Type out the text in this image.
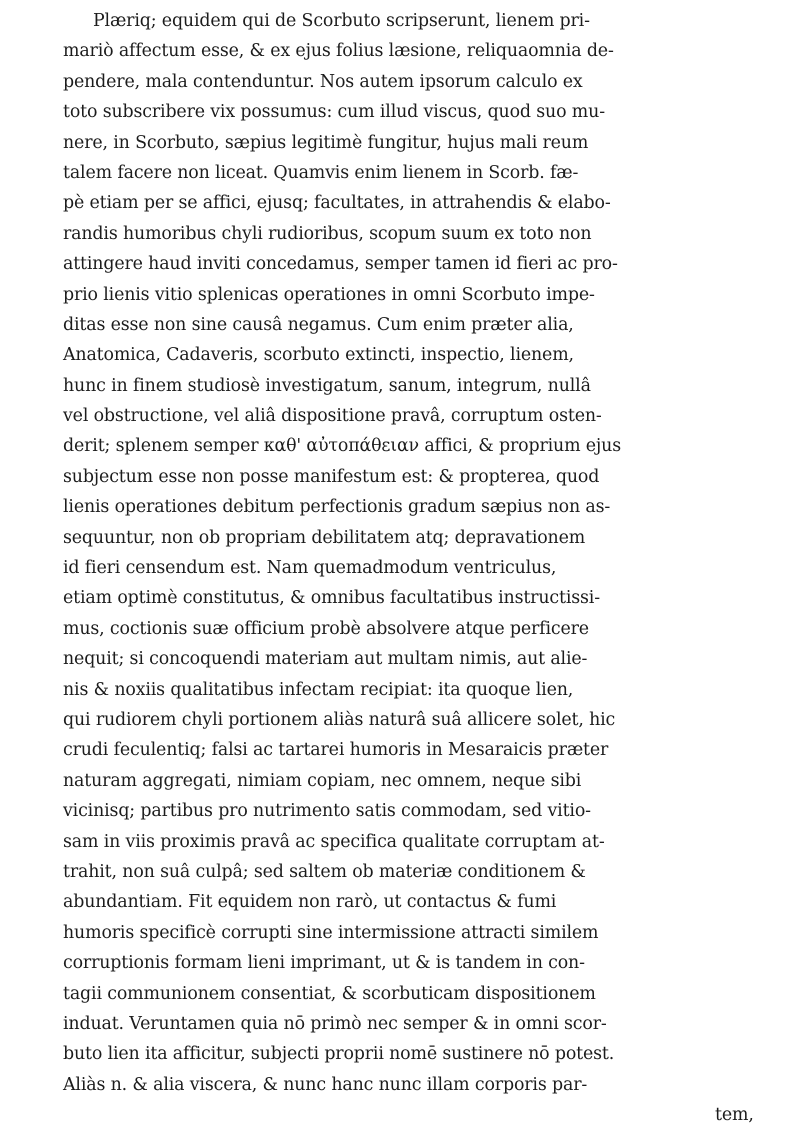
Plæriq; equidem qui de Scorbuto scripserunt, lienem pri-
mariò affectum esse, & ex ejus folius læsione, reliquaomnia de-
pendere, mala contenduntur. Nos autem ipsorum calculo ex
toto subscribere vix possumus: cum illud viscus, quod suo mu-
nere, in Scorbuto, sæpius legitimè fungitur, hujus mali reum
talem facere non liceat. Quamvis enim lienem in Scorb. fæ-
pè etiam per se affici, ejusq; facultates, in attrahendis & elabo-
randis humoribus chyli rudioribus, scopum suum ex toto non
attingere haud inviti concedamus, semper tamen id fieri ac pro-
prio lienis vitio splenicas operationes in omni Scorbuto impe-
ditas esse non sine causâ negamus. Cum enim præter alia,
Anatomica, Cadaveris, scorbuto extincti, inspectio, lienem,
hunc in finem studiosè investigatum, sanum, integrum, nullâ
vel obstructione, vel aliâ dispositione pravâ, corruptum osten-
derit; splenem semper καθ' αὐτοπάθειαν affici, & proprium ejus
subjectum esse non posse manifestum est: & propterea, quod
lienis operationes debitum perfectionis gradum sæpius non as-
sequuntur, non ob propriam debilitatem atq; depravationem
id fieri censendum est. Nam quemadmodum ventriculus,
etiam optimè constitutus, & omnibus facultatibus instructissi-
mus, coctionis suæ officium probè absolvere atque perficere
nequit; si concoquendi materiam aut multam nimis, aut alie-
nis & noxiis qualitatibus infectam recipiat: ita quoque lien,
qui rudiorem chyli portionem aliàs naturâ suâ allicere solet, hic
crudi feculentiq; falsi ac tartarei humoris in Mesaraicis præter
naturam aggregati, nimiam copiam, nec omnem, neque sibi
vicinisq; partibus pro nutrimento satis commodam, sed vitio-
sam in viis proximis pravâ ac specifica qualitate corruptam at-
trahit, non suâ culpâ; sed saltem ob materiæ conditionem &
abundantiam. Fit equidem non rarò, ut contactus & fumi
humoris specificè corrupti sine intermissione attracti similem
corruptionis formam lieni imprimant, ut & is tandem in con-
tagii communionem consentiat, & scorbuticam dispositionem
induat. Veruntamen quia nō primò nec semper & in omni scor-
buto lien ita afficitur, subjecti proprii nomē sustinere nō potest.
Aliàs n. & alia viscera, & nunc hanc nunc illam corporis par-
tem,
